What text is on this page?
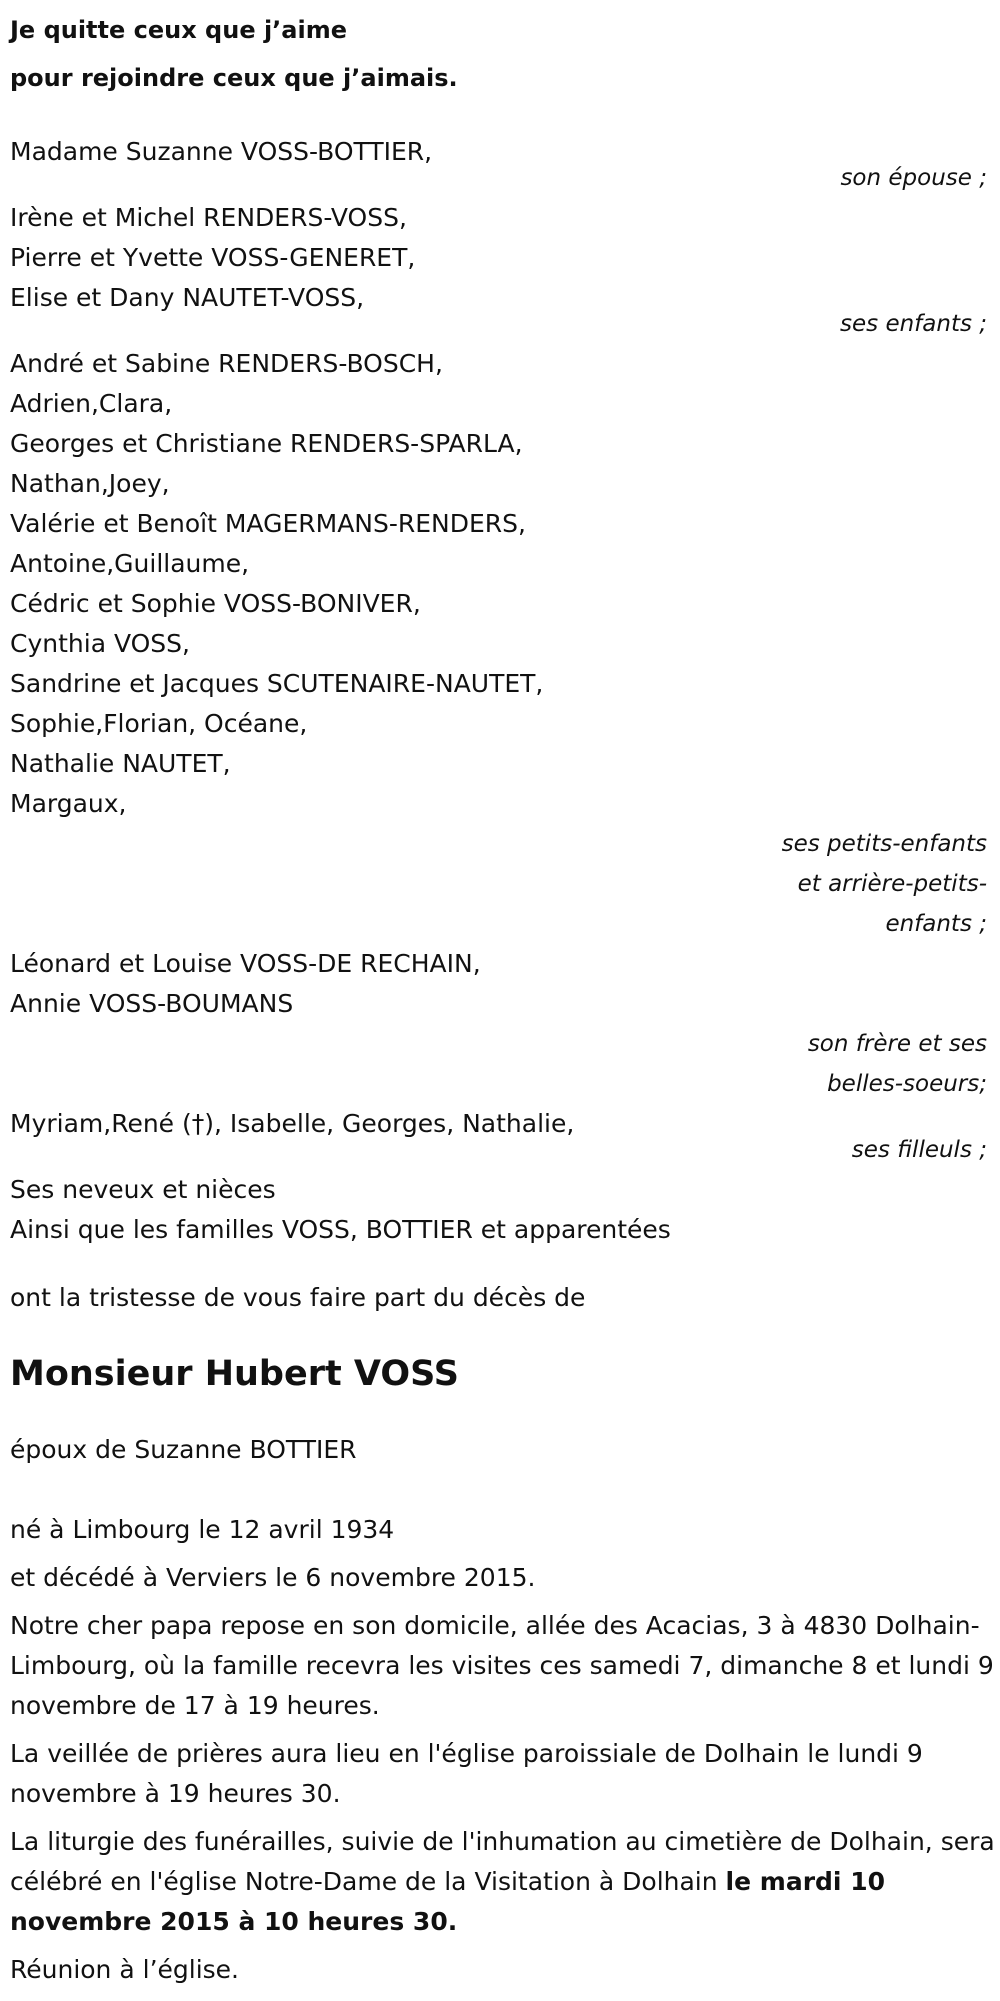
Je quitte ceux que j’aime
pour rejoindre ceux que j’aimais.
Madame Suzanne VOSS-BOTTIER,
son épouse ;
Irène et Michel RENDERS-VOSS,
Pierre et Yvette VOSS-GENERET,
Elise et Dany NAUTET-VOSS,
ses enfants ;
André et Sabine RENDERS-BOSCH,
Adrien,Clara,
Georges et Christiane RENDERS-SPARLA,
Nathan,Joey,
Valérie et Benoît MAGERMANS-RENDERS,
Antoine,Guillaume,
Cédric et Sophie VOSS-BONIVER,
Cynthia VOSS,
Sandrine et Jacques SCUTENAIRE-NAUTET,
Sophie,Florian, Océane,
Nathalie NAUTET,
Margaux,
ses petits-enfants
et arrière-petits-
enfants ;
Léonard et Louise VOSS-DE RECHAIN,
Annie VOSS-BOUMANS
son frère et ses
belles-soeurs;
Myriam,René (†), Isabelle, Georges, Nathalie,
ses filleuls ;
Ses neveux et nièces
Ainsi que les familles VOSS, BOTTIER et apparentées
ont la tristesse de vous faire part du décès de
Monsieur Hubert VOSS
époux de Suzanne BOTTIER
né à Limbourg le 12 avril 1934
et décédé à Verviers le 6 novembre 2015.
Notre cher papa repose en son domicile, allée des Acacias, 3 à 4830 Dolhain-Limbourg, où la famille recevra les visites ces samedi 7, dimanche 8 et lundi 9 novembre de 17 à 19 heures.
La veillée de prières aura lieu en l'église paroissiale de Dolhain le lundi 9 novembre à 19 heures 30.
La liturgie des funérailles, suivie de l'inhumation au cimetière de Dolhain, sera célébré en l'église Notre-Dame de la Visitation à Dolhain le mardi 10 novembre 2015 à 10 heures 30.
Réunion à l’église.
